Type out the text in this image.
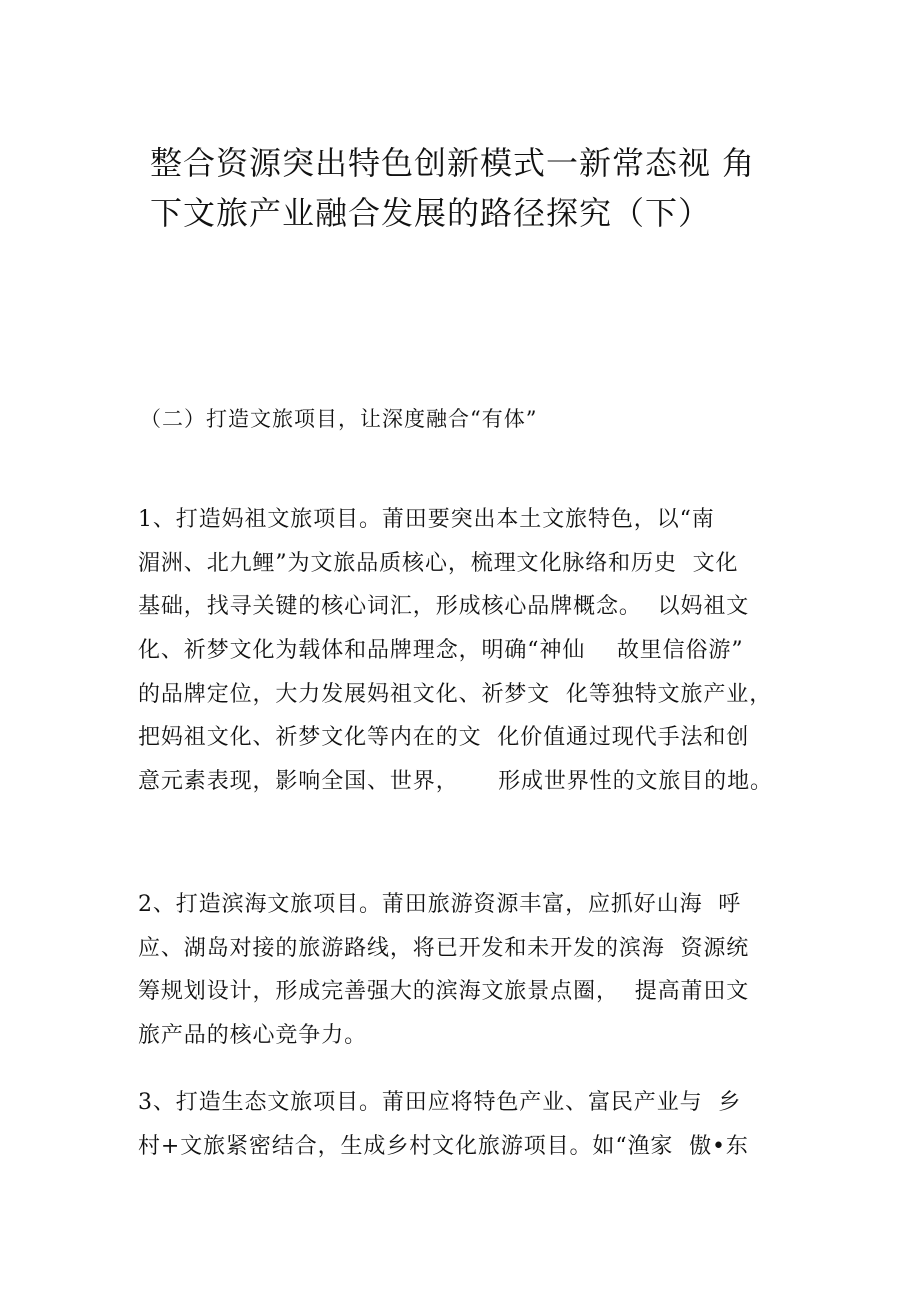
整合资源突出特色创新模式一新常态视 角
下文旅产业融合发展的路径探究（下）

（二）打造文旅项目，让深度融合“有体”

1、打造妈祖文旅项目。莆田要突出本土文旅特色，以“南
湄洲、北九鲤”为文旅品质核心，梳理文化脉络和历史  文化
基础，找寻关键的核心词汇，形成核心品牌概念。  以妈祖文
化、祈梦文化为载体和品牌理念，明确“神仙    故里信俗游”
的品牌定位，大力发展妈祖文化、祈梦文  化等独特文旅产业，
把妈祖文化、祈梦文化等内在的文  化价值通过现代手法和创
意元素表现，影响全国、世界，     形成世界性的文旅目的地。
2、打造滨海文旅项目。莆田旅游资源丰富，应抓好山海  呼
应、湖岛对接的旅游路线，将已开发和未开发的滨海  资源统
筹规划设计，形成完善强大的滨海文旅景点圈，  提高莆田文
旅产品的核心竞争力。
3、打造生态文旅项目。莆田应将特色产业、富民产业与  乡
村+文旅紧密结合，生成乡村文化旅游项目。如“渔家  傲•东
